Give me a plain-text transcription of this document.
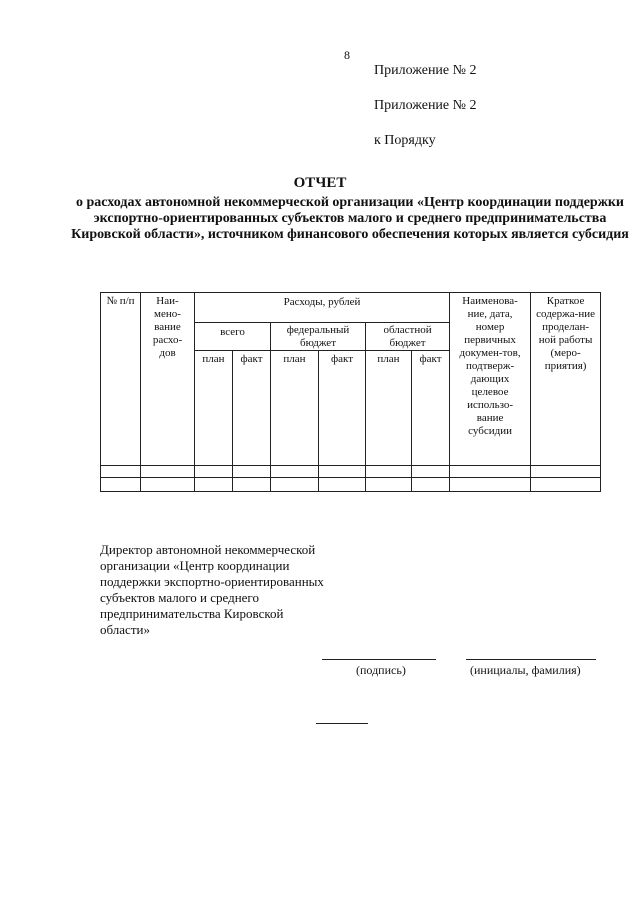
8
Приложение № 2
Приложение № 2
к Порядку
ОТЧЕТ
о расходах автономной некоммерческой организации «Центр координации поддержки экспортно-ориентированных субъектов малого и среднего предпринимательства Кировской области», источником финансового обеспечения которых является субсидия
№ п/п	Наи-мено-вание расхо-дов	Расходы, рублей						Наименова-ние, дата, номер первичных докумен-тов, подтверж-дающих целевое использо-вание субсидии	Краткое содержа-ние проделан-ной работы (меро-приятия)
		всего		федеральный бюджет		областной бюджет			
		план	факт	план	факт	план	факт		

Директор автономной некоммерческой организации «Центр координации поддержки экспортно-ориентированных субъектов малого и среднего предпринимательства Кировской области»
(подпись)	(инициалы, фамилия)
